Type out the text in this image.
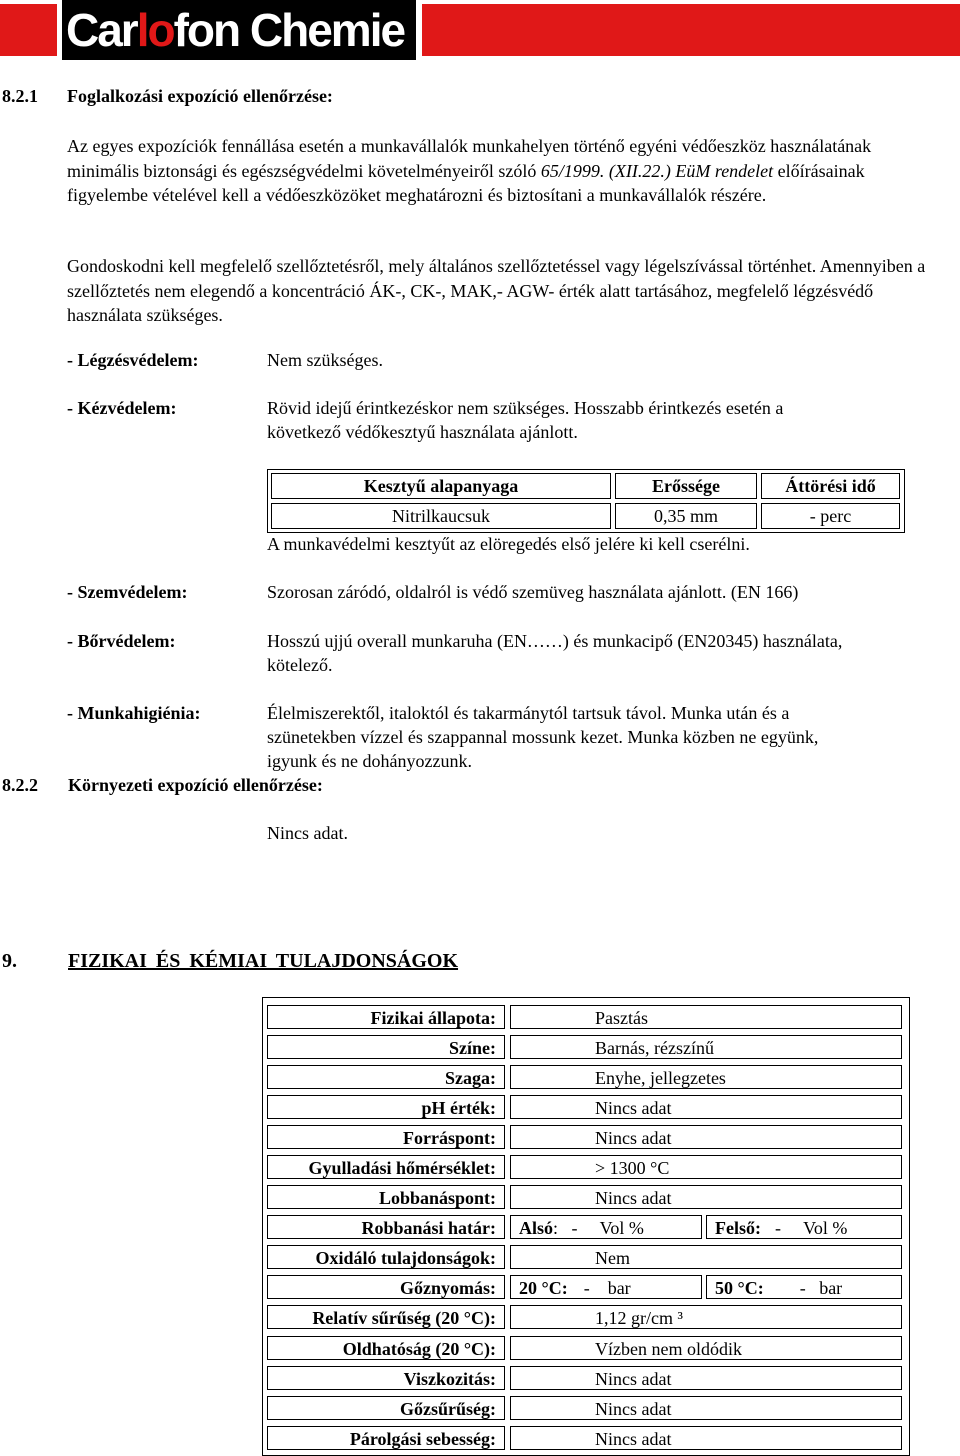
Carlofon Chemie
8.2.1 Foglalkozási expozíció ellenőrzése:
Az egyes expozíciók fennállása esetén a munkavállalók munkahelyen történő egyéni védőeszköz használatának minimális biztonsági és egészségvédelmi követelményeiről szóló 65/1999. (XII.22.) EüM rendelet előírásainak figyelembe vételével kell a védőeszközöket meghatározni és biztosítani a munkavállalók részére.
Gondoskodni kell megfelelő szellőztetésről, mely általános szellőztetéssel vagy légelszívással történhet. Amennyiben a szellőztetés nem elegendő a koncentráció ÁK-, CK-, MAK,- AGW- érték alatt tartásához, megfelelő légzésvédő használata szükséges.
- Légzésvédelem:	Nem szükséges.
- Kézvédelem:	Rövid idejű érintkezéskor nem szükséges. Hosszabb érintkezés esetén a
következő védőkesztyű használata ajánlott.
Kesztyű alapanyaga	Erőssége	Áttörési idő
Nitrilkaucsuk	0,35 mm	- perc
A munkavédelmi kesztyűt az elöregedés első jelére ki kell cserélni.
- Szemvédelem:	Szorosan záródó, oldalról is védő szemüveg használata ajánlott. (EN 166)
- Bőrvédelem:	Hosszú ujjú overall munkaruha (EN……) és munkacipő (EN20345) használata,
kötelező.
- Munkahigiénia:	Élelmiszerektől, italoktól és takarmánytól tartsuk távol. Munka után és a
szünetekben vízzel és szappannal mossunk kezet. Munka közben ne együnk,
igyunk és ne dohányozzunk.
8.2.2 Környezeti expozíció ellenőrzése:
Nincs adat.
9.	FIZIKAI ÉS KÉMIAI TULAJDONSÁGOK
Fizikai állapota:	Pasztás
Színe:	Barnás, rézszínű
Szaga:	Enyhe, jellegzetes
pH érték:	Nincs adat
Forráspont:	Nincs adat
Gyulladási hőmérséklet:	> 1300 °C
Lobbanáspont:	Nincs adat
Robbanási határ:	Alsó:   -     Vol %	Felső: -     Vol %
Oxidáló tulajdonságok:	Nem
Gőznyomás:	20 °C: -    bar	50 °C: -   bar
Relatív sűrűség (20 °C):	1,12 gr/cm ³
Oldhatóság (20 °C):	Vízben nem oldódik
Viszkozitás:	Nincs adat
Gőzsűrűség:	Nincs adat
Párolgási sebesség:	Nincs adat
